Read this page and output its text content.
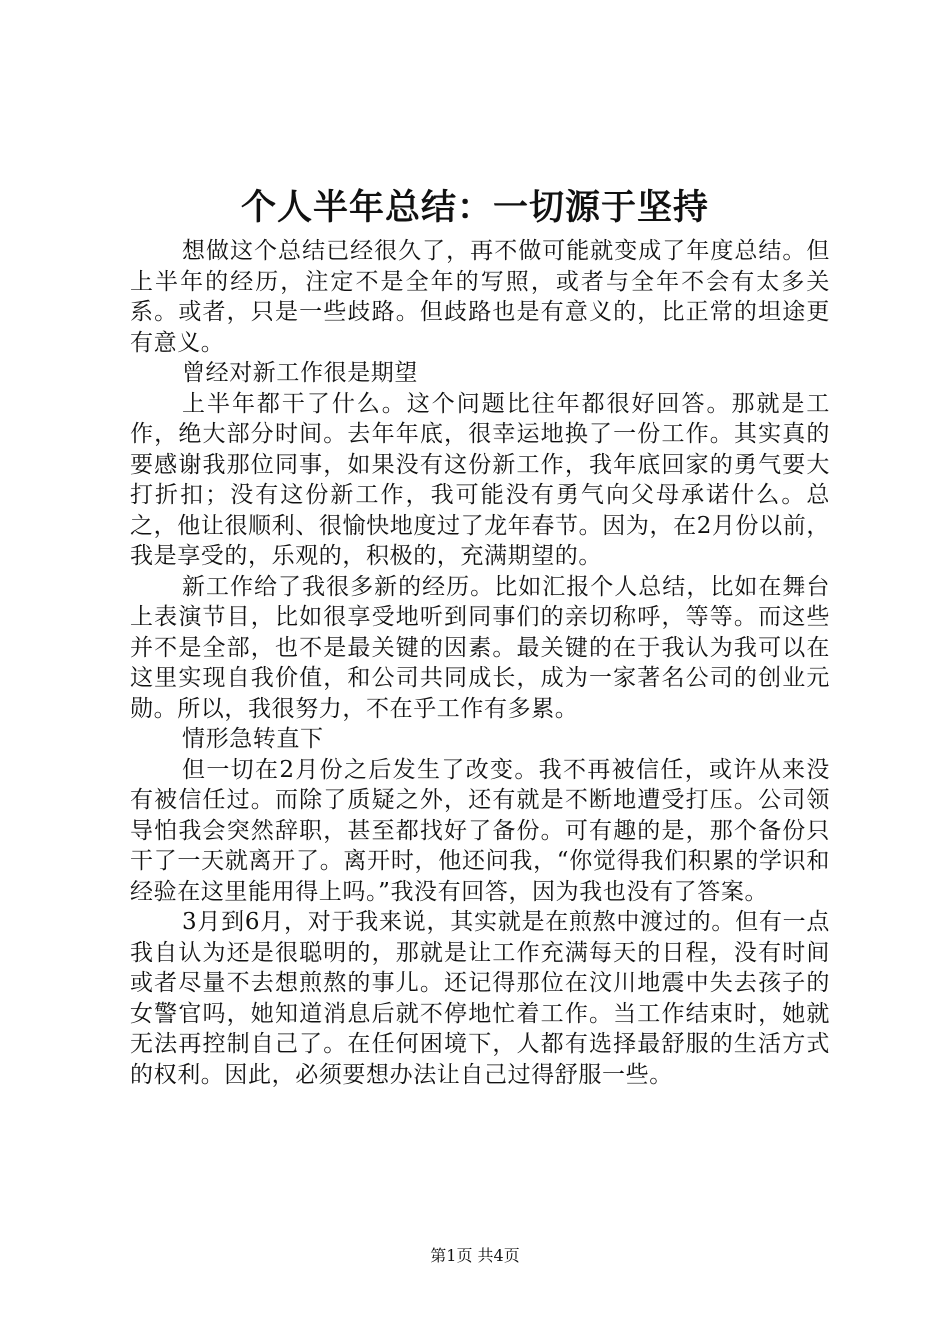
个人半年总结：一切源于坚持

想做这个总结已经很久了，再不做可能就变成了年度总结。但上半年的经历，注定不是全年的写照，或者与全年不会有太多关系。或者，只是一些歧路。但歧路也是有意义的，比正常的坦途更有意义。

曾经对新工作很是期望

上半年都干了什么。这个问题比往年都很好回答。那就是工作，绝大部分时间。去年年底，很幸运地换了一份工作。其实真的要感谢我那位同事，如果没有这份新工作，我年底回家的勇气要大打折扣；没有这份新工作，我可能没有勇气向父母承诺什么。总之，他让很顺利、很愉快地度过了龙年春节。因为，在2月份以前，我是享受的，乐观的，积极的，充满期望的。

新工作给了我很多新的经历。比如汇报个人总结，比如在舞台上表演节目，比如很享受地听到同事们的亲切称呼，等等。而这些并不是全部，也不是最关键的因素。最关键的在于我认为我可以在这里实现自我价值，和公司共同成长，成为一家著名公司的创业元勋。所以，我很努力，不在乎工作有多累。

情形急转直下

但一切在2月份之后发生了改变。我不再被信任，或许从来没有被信任过。而除了质疑之外，还有就是不断地遭受打压。公司领导怕我会突然辞职，甚至都找好了备份。可有趣的是，那个备份只干了一天就离开了。离开时，他还问我，“你觉得我们积累的学识和经验在这里能用得上吗。”我没有回答，因为我也没有了答案。

3月到6月，对于我来说，其实就是在煎熬中渡过的。但有一点我自认为还是很聪明的，那就是让工作充满每天的日程，没有时间或者尽量不去想煎熬的事儿。还记得那位在汶川地震中失去孩子的女警官吗，她知道消息后就不停地忙着工作。当工作结束时，她就无法再控制自己了。在任何困境下，人都有选择最舒服的生活方式的权利。因此，必须要想办法让自己过得舒服一些。

第1页 共4页
